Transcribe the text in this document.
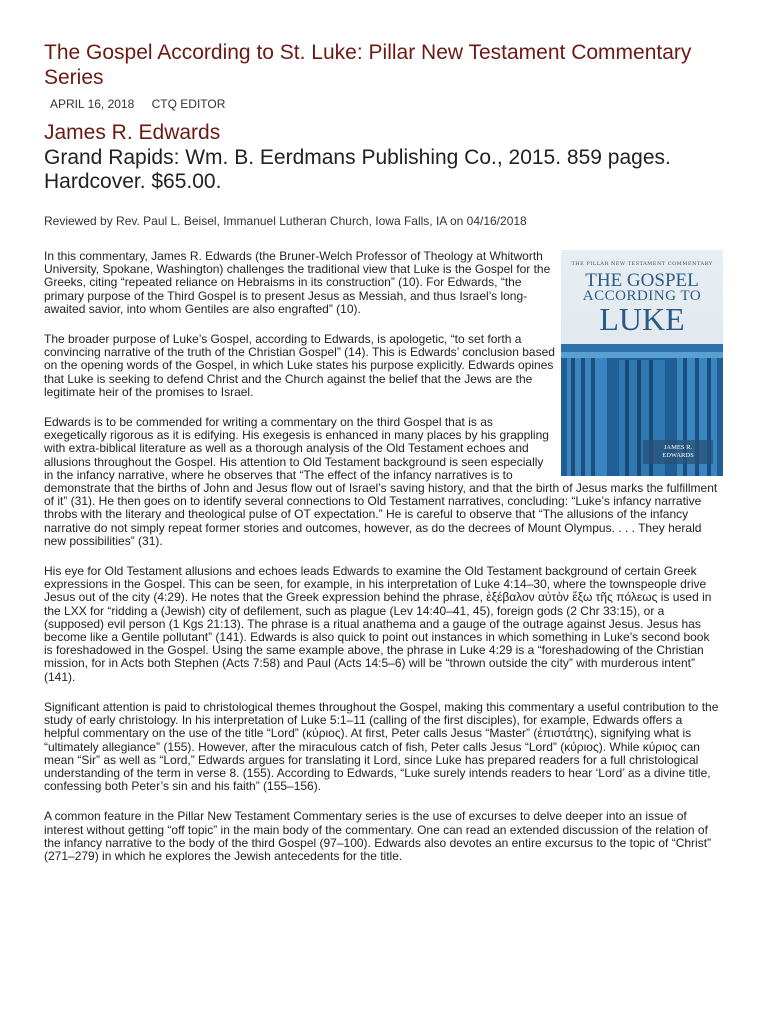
The Gospel According to St. Luke: Pillar New Testament Commentary Series
APRIL 16, 2018 CTQ EDITOR
James R. Edwards
Grand Rapids: Wm. B. Eerdmans Publishing Co., 2015. 859 pages. Hardcover. $65.00.
Reviewed by Rev. Paul L. Beisel, Immanuel Lutheran Church, Iowa Falls, IA on 04/16/2018
THE PILLAR NEW TESTAMENT COMMENTARY
THE GOSPEL
ACCORDING TO
LUKE
JAMES R.
EDWARDS

In this commentary, James R. Edwards (the Bruner-Welch Professor of Theology at Whitworth University, Spokane, Washington) challenges the traditional view that Luke is the Gospel for the Greeks, citing “repeated reliance on Hebraisms in its construction” (10). For Edwards, “the primary purpose of the Third Gospel is to present Jesus as Messiah, and thus Israel’s long-awaited savior, into whom Gentiles are also engrafted” (10).

The broader purpose of Luke’s Gospel, according to Edwards, is apologetic, “to set forth a convincing narrative of the truth of the Christian Gospel” (14). This is Edwards’ conclusion based on the opening words of the Gospel, in which Luke states his purpose explicitly. Edwards opines that Luke is seeking to defend Christ and the Church against the belief that the Jews are the legitimate heir of the promises to Israel.

Edwards is to be commended for writing a commentary on the third Gospel that is as exegetically rigorous as it is edifying. His exegesis is enhanced in many places by his grappling with extra-biblical literature as well as a thorough analysis of the Old Testament echoes and allusions throughout the Gospel. His attention to Old Testament background is seen especially in the infancy narrative, where he observes that “The effect of the infancy narratives is to demonstrate that the births of John and Jesus flow out of Israel’s saving history, and that the birth of Jesus marks the fulfillment of it” (31). He then goes on to identify several connections to Old Testament narratives, concluding: “Luke’s infancy narrative throbs with the literary and theological pulse of OT expectation.” He is careful to observe that “The allusions of the infancy narrative do not simply repeat former stories and outcomes, however, as do the decrees of Mount Olympus. . . . They herald new possibilities” (31).

His eye for Old Testament allusions and echoes leads Edwards to examine the Old Testament background of certain Greek expressions in the Gospel. This can be seen, for example, in his interpretation of Luke 4:14–30, where the townspeople drive Jesus out of the city (4:29). He notes that the Greek expression behind the phrase, ἐξέβαλον αὐτὸν ἔξω τῆς πόλεως is used in the LXX for “ridding a (Jewish) city of defilement, such as plague (Lev 14:40–41, 45), foreign gods (2 Chr 33:15), or a (supposed) evil person (1 Kgs 21:13). The phrase is a ritual anathema and a gauge of the outrage against Jesus. Jesus has become like a Gentile pollutant” (141). Edwards is also quick to point out instances in which something in Luke’s second book is foreshadowed in the Gospel. Using the same example above, the phrase in Luke 4:29 is a “foreshadowing of the Christian mission, for in Acts both Stephen (Acts 7:58) and Paul (Acts 14:5–6) will be “thrown outside the city” with murderous intent” (141).

Significant attention is paid to christological themes throughout the Gospel, making this commentary a useful contribution to the study of early christology. In his interpretation of Luke 5:1–11 (calling of the first disciples), for example, Edwards offers a helpful commentary on the use of the title “Lord” (κύριος). At first, Peter calls Jesus “Master” (ἐπιστάτης), signifying what is “ultimately allegiance” (155). However, after the miraculous catch of fish, Peter calls Jesus “Lord” (κύριος). While κύριος can mean “Sir” as well as “Lord,” Edwards argues for translating it Lord, since Luke has prepared readers for a full christological understanding of the term in verse 8. (155). According to Edwards, “Luke surely intends readers to hear ‘Lord’ as a divine title, confessing both Peter’s sin and his faith” (155–156).

A common feature in the Pillar New Testament Commentary series is the use of excurses to delve deeper into an issue of interest without getting “off topic” in the main body of the commentary. One can read an extended discussion of the relation of the infancy narrative to the body of the third Gospel (97–100). Edwards also devotes an entire excursus to the topic of “Christ” (271–279) in which he explores the Jewish antecedents for the title.
